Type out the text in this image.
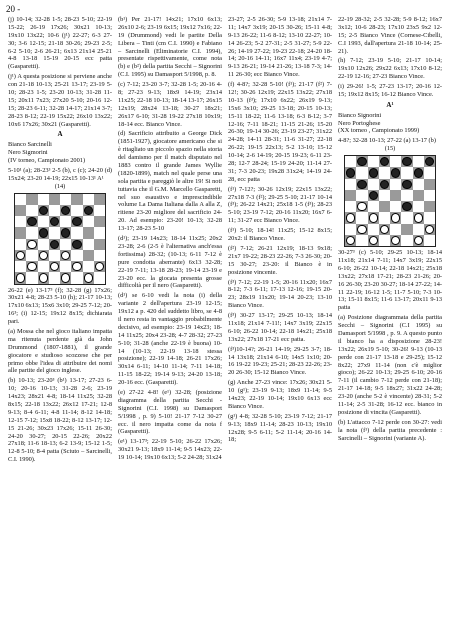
20 -

(j) 10-14; 32-28 1-5; 28-23 5-10; 22-19 15-22; 26-19 17x26; 30x21 10-13; 19x10 13x22; 10-6 (j¹) 22-27; 6-3 27-30; 3-6 12-15; 21-18 30-26; 29-23 2-5; 6-2 5-10; 2-6 26-21; 6x13 21x14 25-21 4-8 13-18 15-19 20-15 ecc patta (Gasparetti).

(j¹) A questa posizione si perviene anche con 21-18 10-13; 25-21 13-17; 23-19 5-10; 28-23 1-5; 23-20 10-13; 31-28 11-15; 20x11 7x23; 27x20 5-10; 20-16 12-15; 28-23 6-11; 32-28 14-17; 21x14 3-7; 28-23 8-12; 22-19 15x22; 26x10 13x22; 10x6 17x26; 30x21 (Gasparetti).

A

Bianco Sarcinelli

Nero Sigmorini

(IV torneo, Campionato 2001)

5-10¹ (a); 28-23³ 2-5 (b), c (c); 24-20 (d) 15x24; 23-20 14-19; 22x15 10-13¹ A¹

(14)

26-22 (e) 13-17³ (f); 32-28 (g) 17x26; 30x21 4-8; 28-23 5-10 (h); 21-17 10-13; 17x10 6x13; 15x6 3x10; 29-25 7-12; 20-16³; (i) 12-15; 19x12 8x15; dichiarata pari.

(a) Mossa che nel gioco italiano impatta ma ritenuta perdente già da John Drummond (1807-1881), il grande giocatore e studioso scozzese che per primo obbe l'idea di attribuire dei nomi alle partite del gioco inglese.

(b) 10-13; 23-20³ (b¹) 13-17; 27-23 6-10; 20-16 10-13; 31-28 2-6; 23-19 14x23; 28x21 4-8; 18-14 11x25; 32-28 8x15; 22-18 13x22; 26x12 17-21; 12-8 9-13; 8-4 6-11; 4-8 11-14; 8-12 14-18; 12-15 7-12; 15x8 18-22; 8-12 13-17; 12-15 21-26; 30x23 17x26; 15-11 26-30; 24-20 30-27; 20-15 22-26; 20x22 27x18; 11-6 18-13; 6-2 13-9; 15-12 1-5; 12-8 5-10; 8-4 patta (Sciuto – Sarcinelli, C.I. 1990).

(b¹) Per 21-17! 14x21; 17x10 6x13; 26x10 2-6; 23-19 6x15; 19x12 7x16; 22-19 (Drummond) vedi le partite Della Libera – Tinti (cm C.I. 1990) e Fabiano – Sarcinelli (Eliminatorie C.I. 1994), presentate rispettivamente, come nota (b) e (b²) della partita Secchi – Signorini (C.I. 1995) su Damasport 5/1998, p. 8.

(c) 7-12; 23-20 3-7; 32-28 1-5; 20-16 4-8; 27-23 9-13; 18x9 14-19; 23x14 11x25; 22-18 10-13; 18-14 13-17; 26x15 12x19; 28x24 13-18; 30-27 18x21; 26x17 6-10; 31-28 19-22 27x18 10x19; 18-14 ecc. Bianco Vince.

(d) Sacrificio attribuito a George Dick (1851-1927), giocatore americano che si è ritagliato un piccolo spazio nella storia del damismo per il match disputato nel 1883 contro il grande James Wyllie (1820-1899), match nel quale perse una sola partita e pareggiò le altre 19! Si noti tuttavia che il G.M. Marcello Gasparetti, nel suo esaustivo e imprescindibile volume La Dama Italiana dalla A alla Z, ritiene 23-20 migliore del sacrificio 24-20. Ad esempio: 23-20! 10-13; 32-28 13-17; 28-23 5-10

(d¹); 23-19 14x23; 18-14 11x25; 20x2 23-28; 2-6 (2-5 è l'alternativa anch'essa fortissima) 28-32; (10-13; 6-11 7-12 è pure condotta aberrante) 6x13 32-28; 22-19 7-11; 13-18 28-23; 19-14 23-19 e 23-20 ecc. la giocata presenta grosse difficoltà per il nero (Gasparetti).

(d¹) se 6-10 vedi la nota (i) della variante 2 dell'apertura 23-19 12-15; 19x12 a p. 420 del suddetto libro, se 4-8 il nero resta in vantaggio probabilmente decisivo, ad esempio: 23-19 14x23; 18-14 11x25; 20x4 23-28; 4-7 28-32; 27-23 5-10; 31-28 (anche 22-19 è buona) 10-14 (10-13; 22-19 13-18 stessa posizione); 22-19 14-18; 26-21 17x26; 30x14 6-11; 14-10 11-14; 7-11 14-18; 11-15 18-22; 19-14 9-13; 24-20 13-18; 20-16 ecc. (Gasparetti).

(e) 27-22 4-8! (e¹) 32-28; (posizione diagramma della partita Secchi - Signorini (C.I. 1998) su Damasport 5/1998 , p. 9) 5-10! 21-17 7-12 30-27 ecc. il nero impatta come da nota f (Gasparetti).

(e¹) 13-17³; 22-19 5-10; 26-22 17x26; 30x21 9-13; 18x9 11-14; 9-5 14x23; 22-19 10-14; 19x10 6x13; 5-2 24-28; 31x24

23-27; 2-5 26-30; 5-9 13-18; 21x14 7-11; 14x7 3x19; 20-15 30-26; 15-11 4-8; 9-13 26-22; 11-6 8-12; 13-10 22-27; 10-14 26-23; 5-2 27-31; 2-5 31-27; 5-9 22-26; 14-19 27-22; 19-23 22-18; 24-20 18-14; 20-16 14-11; 16x7 11x4; 23-19 4-7; 9-13 26-21; 19-14 21-26; 13-18 7-3; 14-11 26-30; ecc Bianco Vince.

(f) 4-8?; 32-28 5-10! (f¹); 21-17 (f²) 7-12!; 30-26 12x19; 22x15 13x22; 27x18 10-13 (f³); 17x10 6x22; 26x19 9-13; 15x6 3x10; 29-25 13-18; 20-15 10-13; 15-11 18-22; 11-6 13-18; 6-3 8-12; 3-7 12-16; 7-11 18-21; 11-15 21-26; 15-20 26-30; 19-14 30-26; 23-19 23-27; 31x22 24-28; 14-11 28-31; 11-6 31-27; 22-18 26-22; 19-15 22x13; 5-2 13-10; 15-12 10-14; 2-6 14-19; 20-15 19-23; 6-11 23-28; 12-7 28-24; 15-19 24-20; 11-14 27-31; 7-3 20-23; 19x28 31x24; 14-19 24-28, ecc patta

(f¹) 7-12?; 30-26 12x19; 22x15 13x22; 27x18 7-3 (f²); 29-25 5-10; 21-17 10-14 (f³); 26-22 14x21; 25x18 1-5 (f³); 28-23 5-10; 23-19 7-12; 20-16 11x20; 16x7 6-11; 31-27 ecc Bianco Vince.

(f¹) 5-10; 18-14! 11x25; 15-12 8x15; 20x2: il Bianco Vince.

(f²) 7-12; 26-21 12x19; 18-13 9x18; 21x7 19-22; 28-23 22-26; 7-3 26-30; 20-15 30-27; 23-20: il Bianco è in posizione vincente.

(f³) 7-12; 22-19 1-5; 20-16 11x20; 16x7 8-12; 7-3 6-11; 17-13 12-16; 19-15 20-23; 28x19 11x20; 19-14 20-23; 13-10 Bianco Vince.

(f³) 30-27 13-17; 29-25 10-13; 18-14 11x18; 21x14 7-11!; 14x7 3x19; 22x15 6-10; 26-22 10-14; 22-18 14x21; 25x18 13x22; 27x18 17-21 ecc patta.

(f³)10-14?; 26-21 14-19; 29-25 3-7; 18-14 13x18; 21x14 6-10; 14x5 1x10; 20-16 19-22 19-23; 25-21; 28-23 22-26; 23-20 26-30; 15-12 Bianco Vince.

(g) Anche 27-23 vince: 17x26; 30x21 5-10 (g¹); 23-19 9-13; 18x9 11-14; 9-5 14x23; 22-19 10-14; 19x10 6x13 ecc Bianco Vince.

(g¹) 4-8; 32-28 5-10; 23-19 7-12; 21-17 9-13; 18x9 11-14; 28-23 10-13; 19x10 12x28; 9-5 6-11; 5-2 11-14; 20-16 14-18;

22-19 28-32; 2-5 32-28; 5-9 8-12; 16x7 3x12; 10-6 28-23; 17x10 23x5 9x2 12-15; 2-5 Bianco Vince (Cornese-Cibelli, C.I 1993, dall'apertura 21-18 10-14; 25-21).

(h) 7-12; 23-19 5-10; 21-17 10-14; 19x10 12x26; 29x22 6x13; 17x10 8-12; 22-19 12-16; 27-23 Bianco Vince.

(i) 29-26! 1-5; 27-23 13-17; 20-16 12-15; 19x12 8x15; 16-12 Bianco Vince.

A¹

Bianco Signorini

Nero Portoghese

(XX torneo , Campionato 1999)

4-8?; 32-28 10-13; 27-22 (a) 13-17 (b)

(15)

30-27³ (c) 5-10; 29-25 10-13; 18-14 11x18; 21x14 7-11; 14x7 3x19; 22x15 6-10; 26-22 10-14; 22-18 14x21; 25x18 13x22; 27x18 17-21; 28-23 21-26; 20-16 26-30; 23-20 30-27; 18-14 27-22; 14-11 22-19; 16-12 1-5; 11-7 5-10; 7-3 10-13; 15-11 8x15; 11-6 13-17; 20x11 9-13 patta

(a) Posizione diagrammata della partita Secchi – Signorini (C.I 1995) su Damasport 5/1998 , p. 9. A questo punto il bianco ha a disposizione 28-23! 13x22; 26x19 5-10; 30-26! 9-13 (10-13 perde con 21-17 13-18 e 29-25); 15-12 8x22; 27x9 11-14 (non c'è miglior gioco); 26-22 10-13; 29-25 6-10; 20-16 7-11 (il cambio 7-12 perde con 21-18); 21-17 14-18; 9-5 18x27; 31x22 24-28; 23-20 (anche 5-2 è vincente) 28-31; 5-2 11-14; 2-5 31-28; 16-12 ecc. bianco in posizione di vincita (Gasparetti).

(b) L'attacco 7-12 perde con 30-27: vedi la nota (f¹) della partita precedente : Sarcinelli – Signorini (variante A).
